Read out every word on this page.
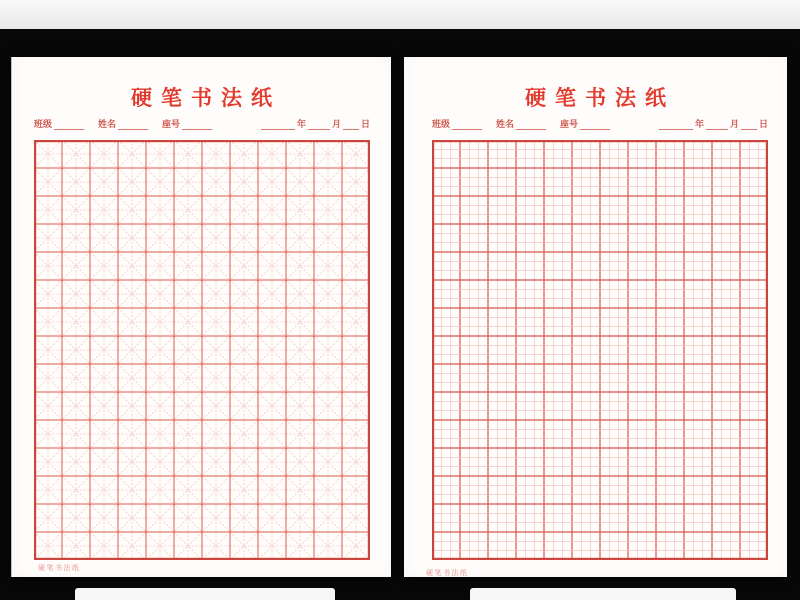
硬笔书法纸
班级	姓名	座号	年	月 日
硬笔书法纸
硬笔书法纸
班级	姓名	座号	年	月 日
硬笔书法纸
